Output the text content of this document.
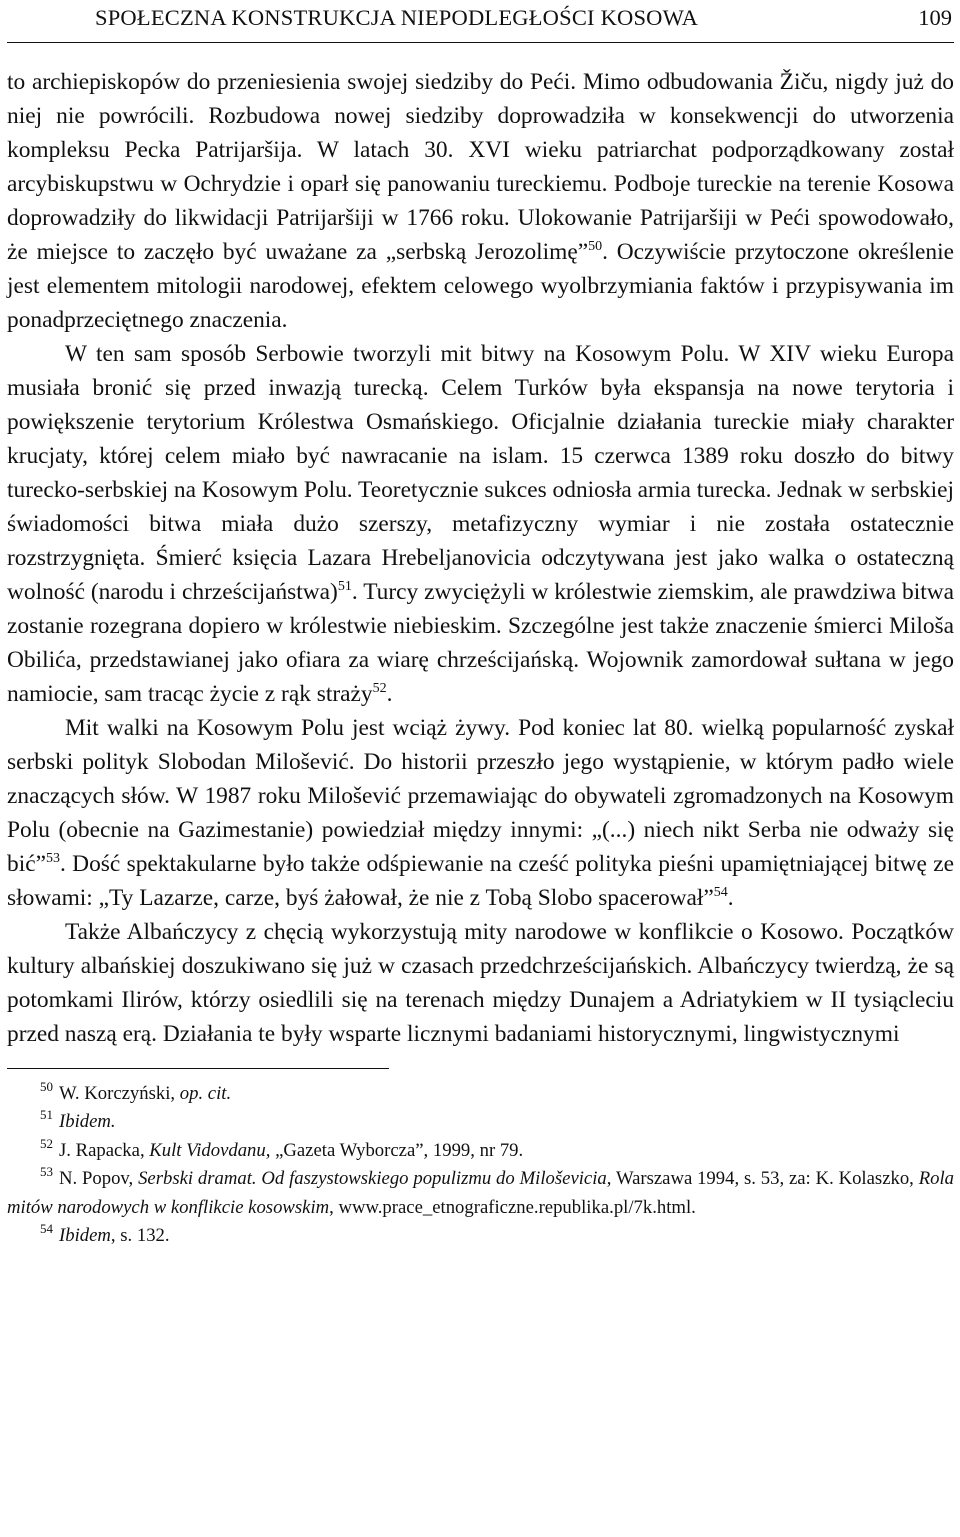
SPOŁECZNA KONSTRUKCJA NIEPODLEGŁOŚCI KOSOWA	109

to archiepiskopów do przeniesienia swojej siedziby do Peći. Mimo odbudowania Žiču, nigdy już do niej nie powrócili. Rozbudowa nowej siedziby doprowadziła w konsekwencji do utworzenia kompleksu Pecka Patrijaršija. W latach 30. XVI wieku patriarchat podporządkowany został arcybiskupstwu w Ochrydzie i oparł się panowaniu tureckiemu. Podboje tureckie na terenie Kosowa doprowadziły do likwidacji Patrijaršiji w 1766 roku. Ulokowanie Patrijaršiji w Peći spowodowało, że miejsce to zaczęło być uważane za „serbską Jerozolimę”$^{50}$. Oczywiście przytoczone określenie jest elementem mitologii narodowej, efektem celowego wyolbrzymiania faktów i przypisywania im ponadprzeciętnego znaczenia.

W ten sam sposób Serbowie tworzyli mit bitwy na Kosowym Polu. W XIV wieku Europa musiała bronić się przed inwazją turecką. Celem Turków była ekspansja na nowe terytoria i powiększenie terytorium Królestwa Osmańskiego. Oficjalnie działania tureckie miały charakter krucjaty, której celem miało być nawracanie na islam. 15 czerwca 1389 roku doszło do bitwy turecko-serbskiej na Kosowym Polu. Teoretycznie sukces odniosła armia turecka. Jednak w serbskiej świadomości bitwa miała dużo szerszy, metafizyczny wymiar i nie została ostatecznie rozstrzygnięta. Śmierć księcia Lazara Hrebeljanovicia odczytywana jest jako walka o ostateczną wolność (narodu i chrześcijaństwa)$^{51}$. Turcy zwyciężyli w królestwie ziemskim, ale prawdziwa bitwa zostanie rozegrana dopiero w królestwie niebieskim. Szczególne jest także znaczenie śmierci Miloša Obilića, przedstawianej jako ofiara za wiarę chrześcijańską. Wojownik zamordował sułtana w jego namiocie, sam tracąc życie z rąk straży$^{52}$.

Mit walki na Kosowym Polu jest wciąż żywy. Pod koniec lat 80. wielką popularność zyskał serbski polityk Slobodan Milošević. Do historii przeszło jego wystąpienie, w którym padło wiele znaczących słów. W 1987 roku Milošević przemawiając do obywateli zgromadzonych na Kosowym Polu (obecnie na Gazimestanie) powiedział między innymi: „(...) niech nikt Serba nie odważy się bić”$^{53}$. Dość spektakularne było także odśpiewanie na cześć polityka pieśni upamiętniającej bitwę ze słowami: „Ty Lazarze, carze, byś żałował, że nie z Tobą Slobo spacerował”$^{54}$.

Także Albańczycy z chęcią wykorzystują mity narodowe w konflikcie o Kosowo. Początków kultury albańskiej doszukiwano się już w czasach przedchrześcijańskich. Albańczycy twierdzą, że są potomkami Ilirów, którzy osiedlili się na terenach między Dunajem a Adriatykiem w II tysiącleciu przed naszą erą. Działania te były wsparte licznymi badaniami historycznymi, lingwistycznymi

$^{50}$ W. Korczyński, op. cit.

$^{51}$ Ibidem.

$^{52}$ J. Rapacka, Kult Vidovdanu, „Gazeta Wyborcza”, 1999, nr 79.

$^{53}$ N. Popov, Serbski dramat. Od faszystowskiego populizmu do Miloševicia, Warszawa 1994, s. 53, za: K. Kolaszko, Rola mitów narodowych w konflikcie kosowskim, www.prace_etnograficzne.republika.pl/7k.html.

$^{54}$ Ibidem, s. 132.
